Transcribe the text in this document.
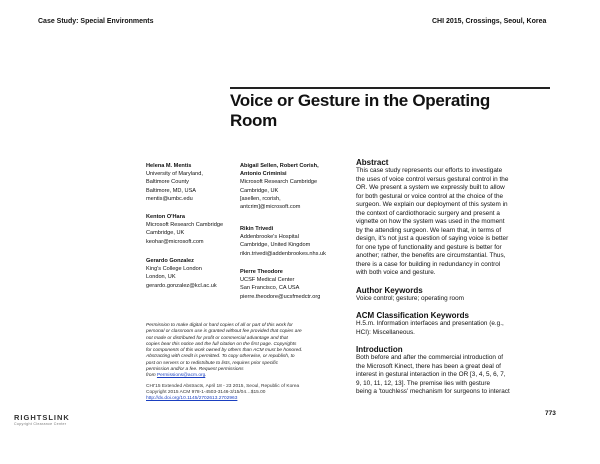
Case Study: Special Environments	CHI 2015, Crossings, Seoul, Korea
Voice or Gesture in the Operating
Room
Helena M. Mentis
University of Maryland,
Baltimore County
Baltimore, MD, USA
mentis@umbc.edu
Kenton O'Hara
Microsoft Research Cambridge
Cambridge, UK
keohar@microsoft.com
Gerardo Gonzalez
King's College London
London, UK
gerardo.gonzalez@kcl.ac.uk
Abigail Sellen, Robert Corish,
Antonio Criminisi
Microsoft Research Cambridge
Cambridge, UK
[asellen, rcorish,
antcrim]@microsoft.com
Rikin Trivedi
Addenbrooke's Hospital
Cambridge, United Kingdom
rikin.trivedi@addenbrookes.nhs.uk
Pierre Theodore
UCSF Medical Center
San Francisco, CA USA
pierre.theodore@ucsfmedctr.org
Permission to make digital or hard copies of all or part of this work for
personal or classroom use is granted without fee provided that copies are
not made or distributed for profit or commercial advantage and that
copies bear this notice and the full citation on the first page. Copyrights
for components of this work owned by others than ACM must be honored.
Abstracting with credit is permitted. To copy otherwise, or republish, to
post on servers or to redistribute to lists, requires prior specific
permission and/or a fee. Request permissions
from Permissions@acm.org.
CHI'15 Extended Abstracts, April 18 - 23 2015, Seoul, Republic of Korea
Copyright 2015 ACM 978-1-4503-3146-3/15/04…$15.00
http://dx.doi.org/10.1145/2702613.2702963
Abstract
This case study represents our efforts to investigate
the uses of voice control versus gestural control in the
OR. We present a system we expressly built to allow
for both gestural or voice control at the choice of the
surgeon. We explain our deployment of this system in
the context of cardiothoracic surgery and present a
vignette on how the system was used in the moment
by the attending surgeon. We learn that, in terms of
design, it's not just a question of saying voice is better
for one type of functionality and gesture is better for
another; rather, the benefits are circumstantial. Thus,
there is a case for building in redundancy in control
with both voice and gesture.
Author Keywords
Voice control; gesture; operating room
ACM Classification Keywords
H.5.m. Information interfaces and presentation (e.g.,
HCI): Miscellaneous.
Introduction
Both before and after the commercial introduction of
the Microsoft Kinect, there has been a great deal of
interest in gestural interaction in the OR [3, 4, 5, 6, 7,
9, 10, 11, 12, 13]. The premise lies with gesture
being a 'touchless' mechanism for surgeons to interact
RIGHTSLINK
Copyright Clearance Center
773
